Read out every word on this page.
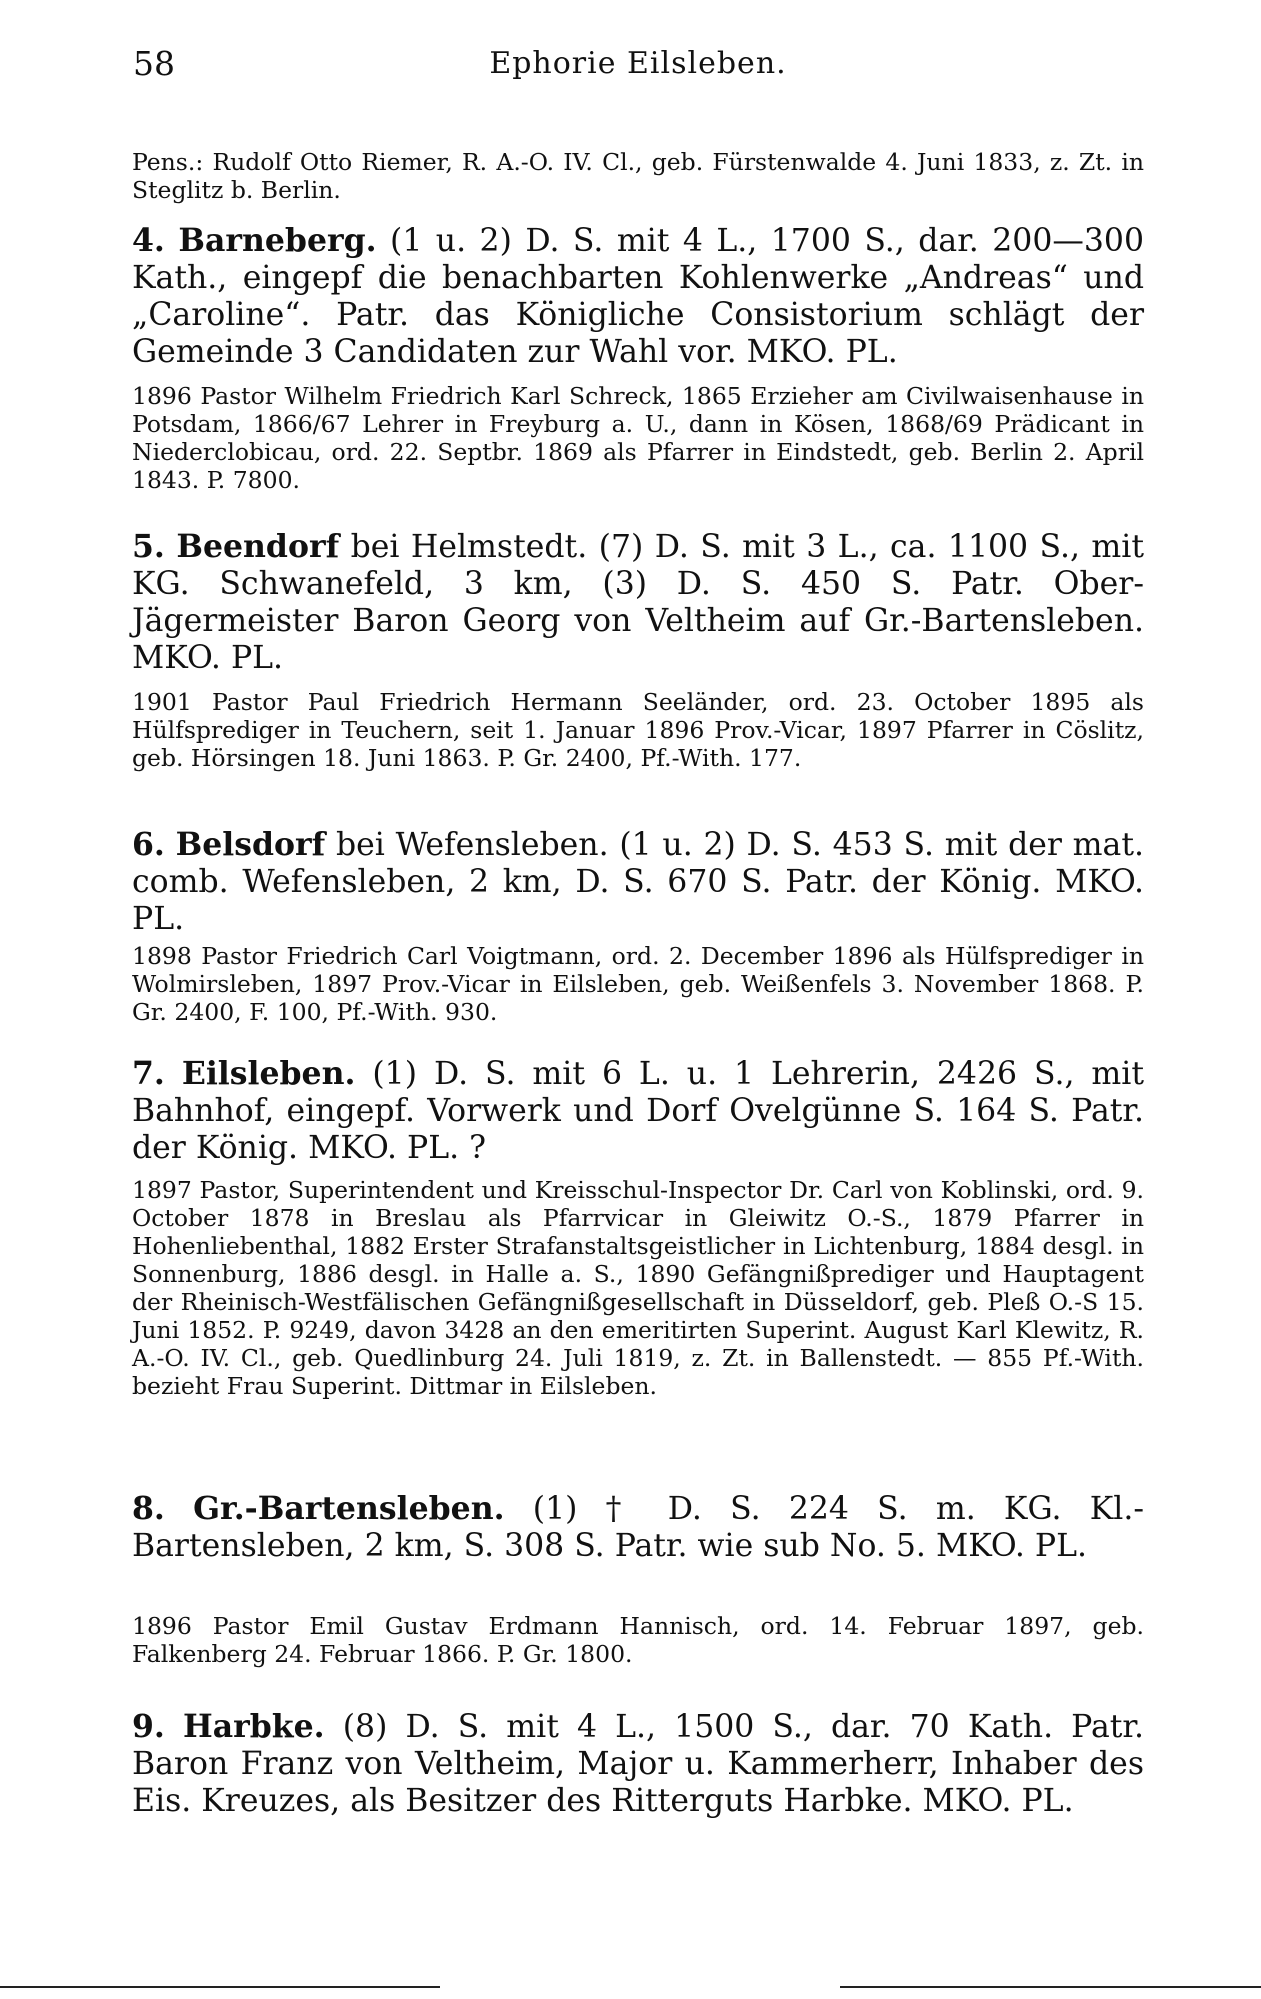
58	Ephorie Eilsleben.
Pens.: Rudolf Otto Riemer, R. A.-O. IV. Cl., geb. Fürstenwalde 4. Juni 1833, z. Zt. in Steglitz b. Berlin.
4. Barneberg. (1 u. 2) D. S. mit 4 L., 1700 S., dar. 200—300 Kath., eingepf die benachbarten Kohlenwerke „Andreas“ und „Caroline“. Patr. das Königliche Consistorium schlägt der Gemeinde 3 Candidaten zur Wahl vor. MKO. PL.
1896 Pastor Wilhelm Friedrich Karl Schreck, 1865 Erzieher am Civilwaisenhause in Potsdam, 1866/67 Lehrer in Freyburg a. U., dann in Kösen, 1868/69 Prädicant in Niederclobicau, ord. 22. Septbr. 1869 als Pfarrer in Eindstedt, geb. Berlin 2. April 1843. P. 7800.
5. Beendorf bei Helmstedt. (7) D. S. mit 3 L., ca. 1100 S., mit KG. Schwanefeld, 3 km, (3) D. S. 450 S. Patr. Ober-Jägermeister Baron Georg von Veltheim auf Gr.-Bartensleben. MKO. PL.
1901 Pastor Paul Friedrich Hermann Seeländer, ord. 23. October 1895 als Hülfsprediger in Teuchern, seit 1. Januar 1896 Prov.-Vicar, 1897 Pfarrer in Cöslitz, geb. Hörsingen 18. Juni 1863. P. Gr. 2400, Pf.-With. 177.
6. Belsdorf bei Wefensleben. (1 u. 2) D. S. 453 S. mit der mat. comb. Wefensleben, 2 km, D. S. 670 S. Patr. der König. MKO. PL.
1898 Pastor Friedrich Carl Voigtmann, ord. 2. December 1896 als Hülfsprediger in Wolmirsleben, 1897 Prov.-Vicar in Eilsleben, geb. Weißenfels 3. November 1868. P. Gr. 2400, F. 100, Pf.-With. 930.
7. Eilsleben. (1) D. S. mit 6 L. u. 1 Lehrerin, 2426 S., mit Bahnhof, eingepf. Vorwerk und Dorf Ovelgünne S. 164 S. Patr. der König. MKO. PL. ?
1897 Pastor, Superintendent und Kreisschul-Inspector Dr. Carl von Koblinski, ord. 9. October 1878 in Breslau als Pfarrvicar in Gleiwitz O.-S., 1879 Pfarrer in Hohenliebenthal, 1882 Erster Strafanstaltsgeistlicher in Lichtenburg, 1884 desgl. in Sonnenburg, 1886 desgl. in Halle a. S., 1890 Gefängnißprediger und Hauptagent der Rheinisch-Westfälischen Gefängnißgesellschaft in Düsseldorf, geb. Pleß O.-S 15. Juni 1852. P. 9249, davon 3428 an den emeritirten Superint. August Karl Klewitz, R. A.-O. IV. Cl., geb. Quedlinburg 24. Juli 1819, z. Zt. in Ballenstedt. — 855 Pf.-With. bezieht Frau Superint. Dittmar in Eilsleben.
8. Gr.-Bartensleben. (1) † D. S. 224 S. m. KG. Kl.-Bartensleben, 2 km, S. 308 S. Patr. wie sub No. 5. MKO. PL.
1896 Pastor Emil Gustav Erdmann Hannisch, ord. 14. Februar 1897, geb. Falkenberg 24. Februar 1866. P. Gr. 1800.
9. Harbke. (8) D. S. mit 4 L., 1500 S., dar. 70 Kath. Patr. Baron Franz von Veltheim, Major u. Kammerherr, Inhaber des Eis. Kreuzes, als Besitzer des Ritterguts Harbke. MKO. PL.
